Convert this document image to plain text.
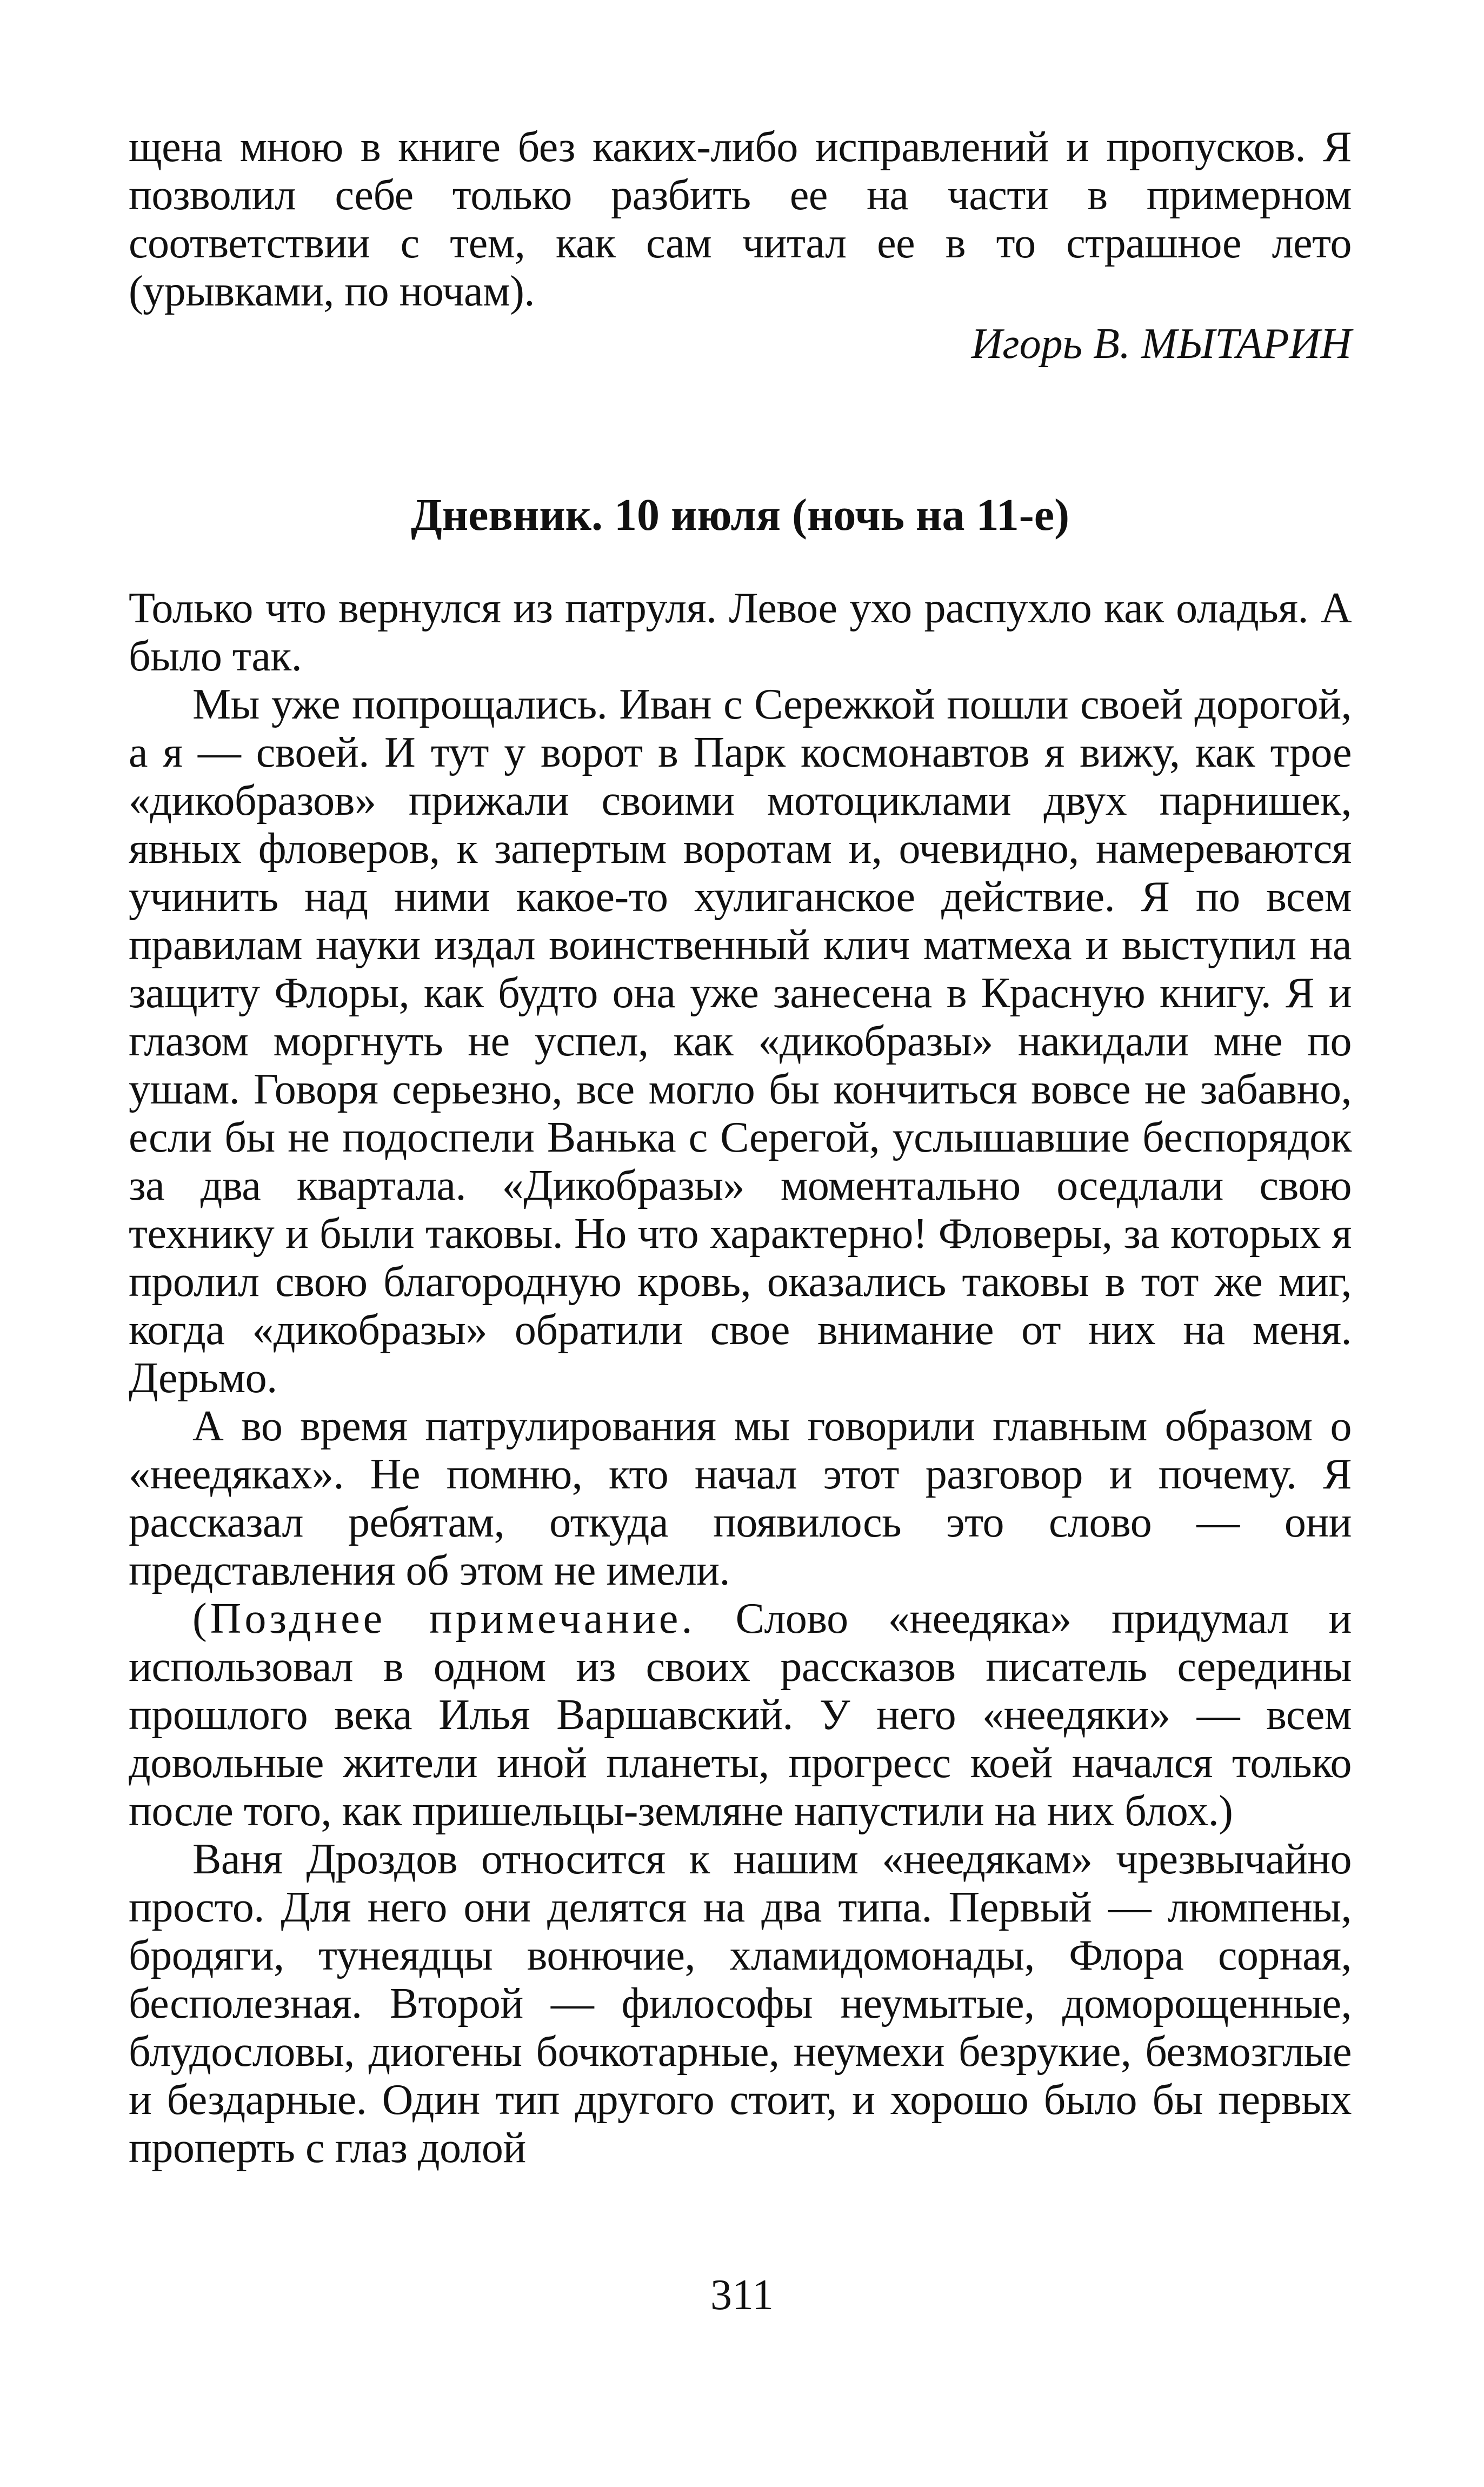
щена мною в книге без каких-либо исправлений и пропусков. Я позволил себе только разбить ее на части в примерном соответствии с тем, как сам читал ее в то страшное лето (урывками, по ночам).

Игорь В. МЫТАРИН

Дневник. 10 июля (ночь на 11-е)

Только что вернулся из патруля. Левое ухо распухло как оладья. А было так.

Мы уже попрощались. Иван с Сережкой пошли своей дорогой, а я — своей. И тут у ворот в Парк космонавтов я вижу, как трое «дикобразов» прижали своими мотоциклами двух парнишек, явных фловеров, к запертым воротам и, очевидно, намереваются учинить над ними какое-то хулиганское действие. Я по всем правилам науки издал воинственный клич матмеха и выступил на защиту Флоры, как будто она уже занесена в Красную книгу. Я и глазом моргнуть не успел, как «дикобразы» накидали мне по ушам. Говоря серьезно, все могло бы кончиться вовсе не забавно, если бы не подоспели Ванька с Серегой, услышавшие беспорядок за два квартала. «Дикобразы» моментально оседлали свою технику и были таковы. Но что характерно! Фловеры, за которых я пролил свою благородную кровь, оказались таковы в тот же миг, когда «дикобразы» обратили свое внимание от них на меня. Дерьмо.

А во время патрулирования мы говорили главным образом о «неедяках». Не помню, кто начал этот разговор и почему. Я рассказал ребятам, откуда появилось это слово — они представления об этом не имели.

(Позднее примечание. Слово «неедяка» придумал и использовал в одном из своих рассказов писатель середины прошлого века Илья Варшавский. У него «неедяки» — всем довольные жители иной планеты, прогресс коей начался только после того, как пришельцы-земляне напустили на них блох.)

Ваня Дроздов относится к нашим «неедякам» чрезвычайно просто. Для него они делятся на два типа. Первый — люмпены, бродяги, тунеядцы вонючие, хламидомонады, Флора сорная, бесполезная. Второй — философы неумытые, доморощенные, блудословы, диогены бочкотарные, неумехи безрукие, безмозглые и бездарные. Один тип другого стоит, и хорошо было бы первых проперть с глаз долой

311
